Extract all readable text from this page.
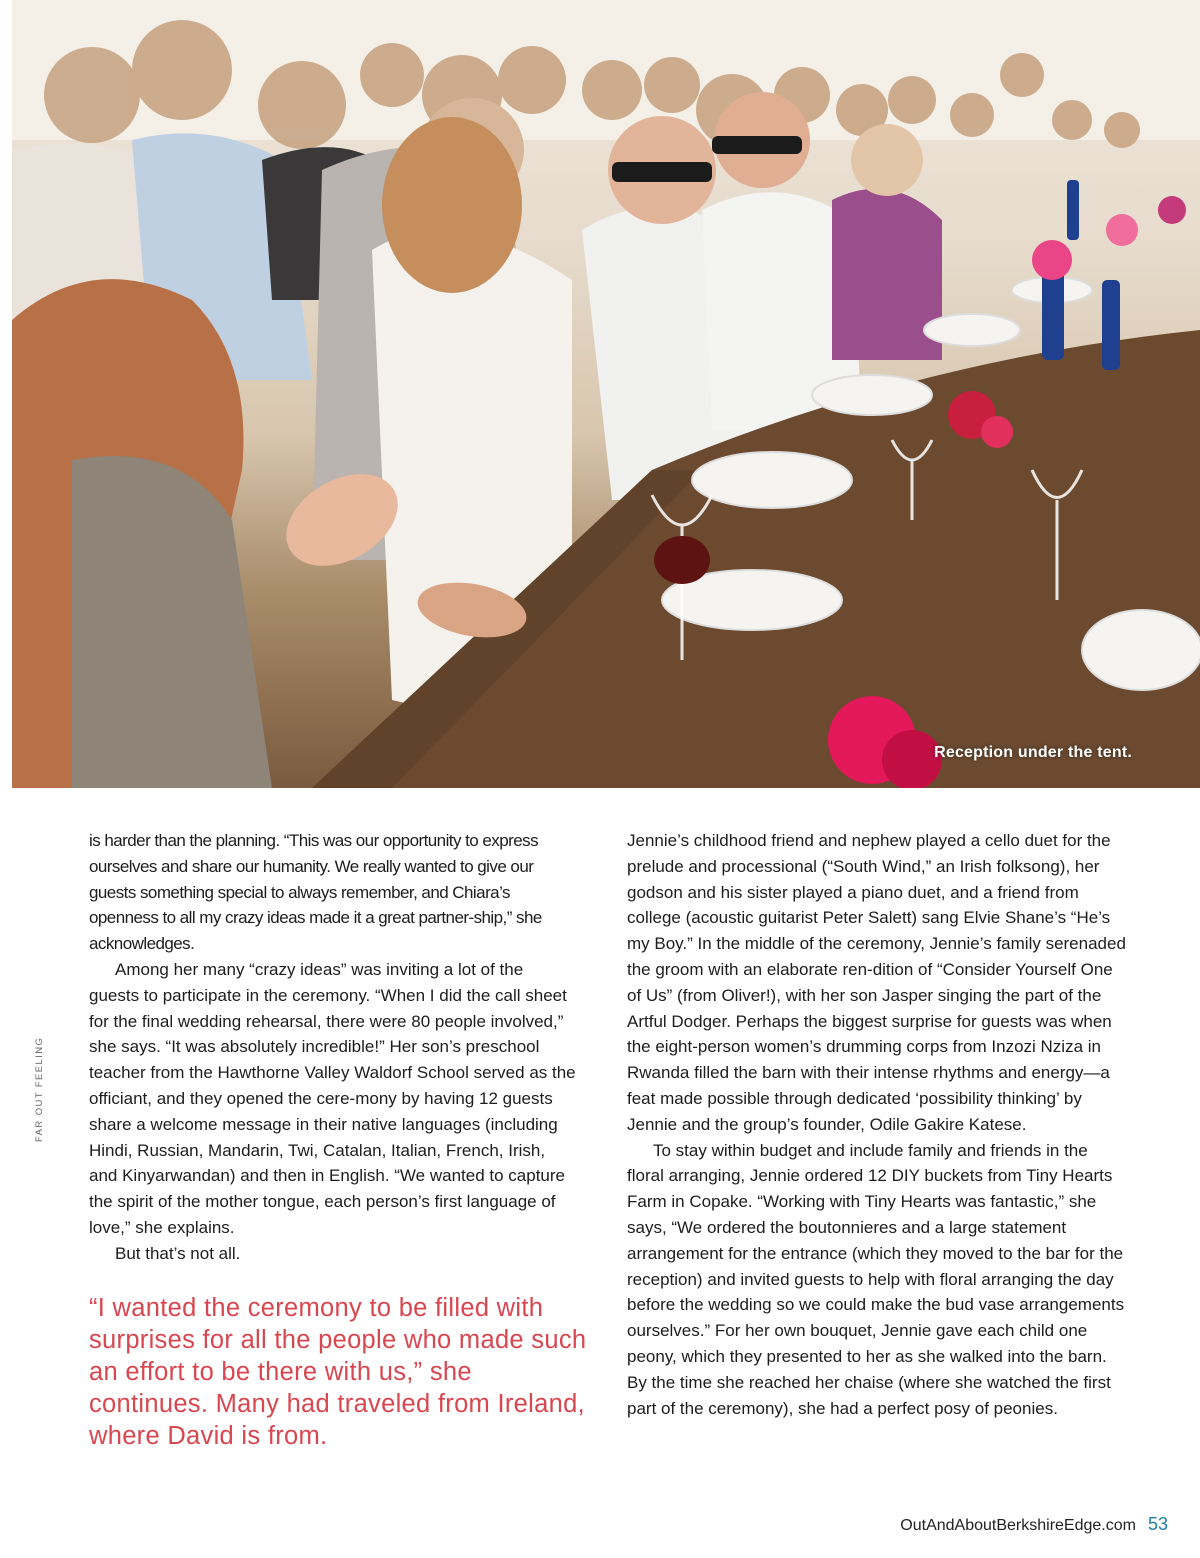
Reception under the tent.

is harder than the planning. “This was our opportunity to express ourselves and share our humanity. We really wanted to give our guests something special to always remember, and Chiara’s openness to all my crazy ideas made it a great partner-ship,” she acknowledges.

Among her many “crazy ideas” was inviting a lot of the guests to participate in the ceremony. “When I did the call sheet for the final wedding rehearsal, there were 80 people involved,” she says. “It was absolutely incredible!” Her son’s preschool teacher from the Hawthorne Valley Waldorf School served as the officiant, and they opened the cere-mony by having 12 guests share a welcome message in their native languages (including Hindi, Russian, Mandarin, Twi, Catalan, Italian, French, Irish, and Kinyarwandan) and then in English. “We wanted to capture the spirit of the mother tongue, each person’s first language of love,” she explains.

But that’s not all.

“I wanted the ceremony to be filled with surprises for all the people who made such an effort to be there with us,” she continues. Many had traveled from Ireland, where David is from.

Jennie’s childhood friend and nephew played a cello duet for the prelude and processional (“South Wind,” an Irish folksong), her godson and his sister played a piano duet, and a friend from college (acoustic guitarist Peter Salett) sang Elvie Shane’s “He’s my Boy.” In the middle of the ceremony, Jennie’s family serenaded the groom with an elaborate ren-dition of “Consider Yourself One of Us” (from Oliver!), with her son Jasper singing the part of the Artful Dodger. Perhaps the biggest surprise for guests was when the eight-person women’s drumming corps from Inzozi Nziza in Rwanda filled the barn with their intense rhythms and energy—a feat made possible through dedicated ‘possibility thinking’ by Jennie and the group’s founder, Odile Gakire Katese.

To stay within budget and include family and friends in the floral arranging, Jennie ordered 12 DIY buckets from Tiny Hearts Farm in Copake. “Working with Tiny Hearts was fantastic,” she says, “We ordered the boutonnieres and a large statement arrangement for the entrance (which they moved to the bar for the reception) and invited guests to help with floral arranging the day before the wedding so we could make the bud vase arrangements ourselves.” For her own bouquet, Jennie gave each child one peony, which they presented to her as she walked into the barn. By the time she reached her chaise (where she watched the first part of the ceremony), she had a perfect posy of peonies.

FAR OUT FEELING
OutAndAboutBerkshireEdge.com 53
